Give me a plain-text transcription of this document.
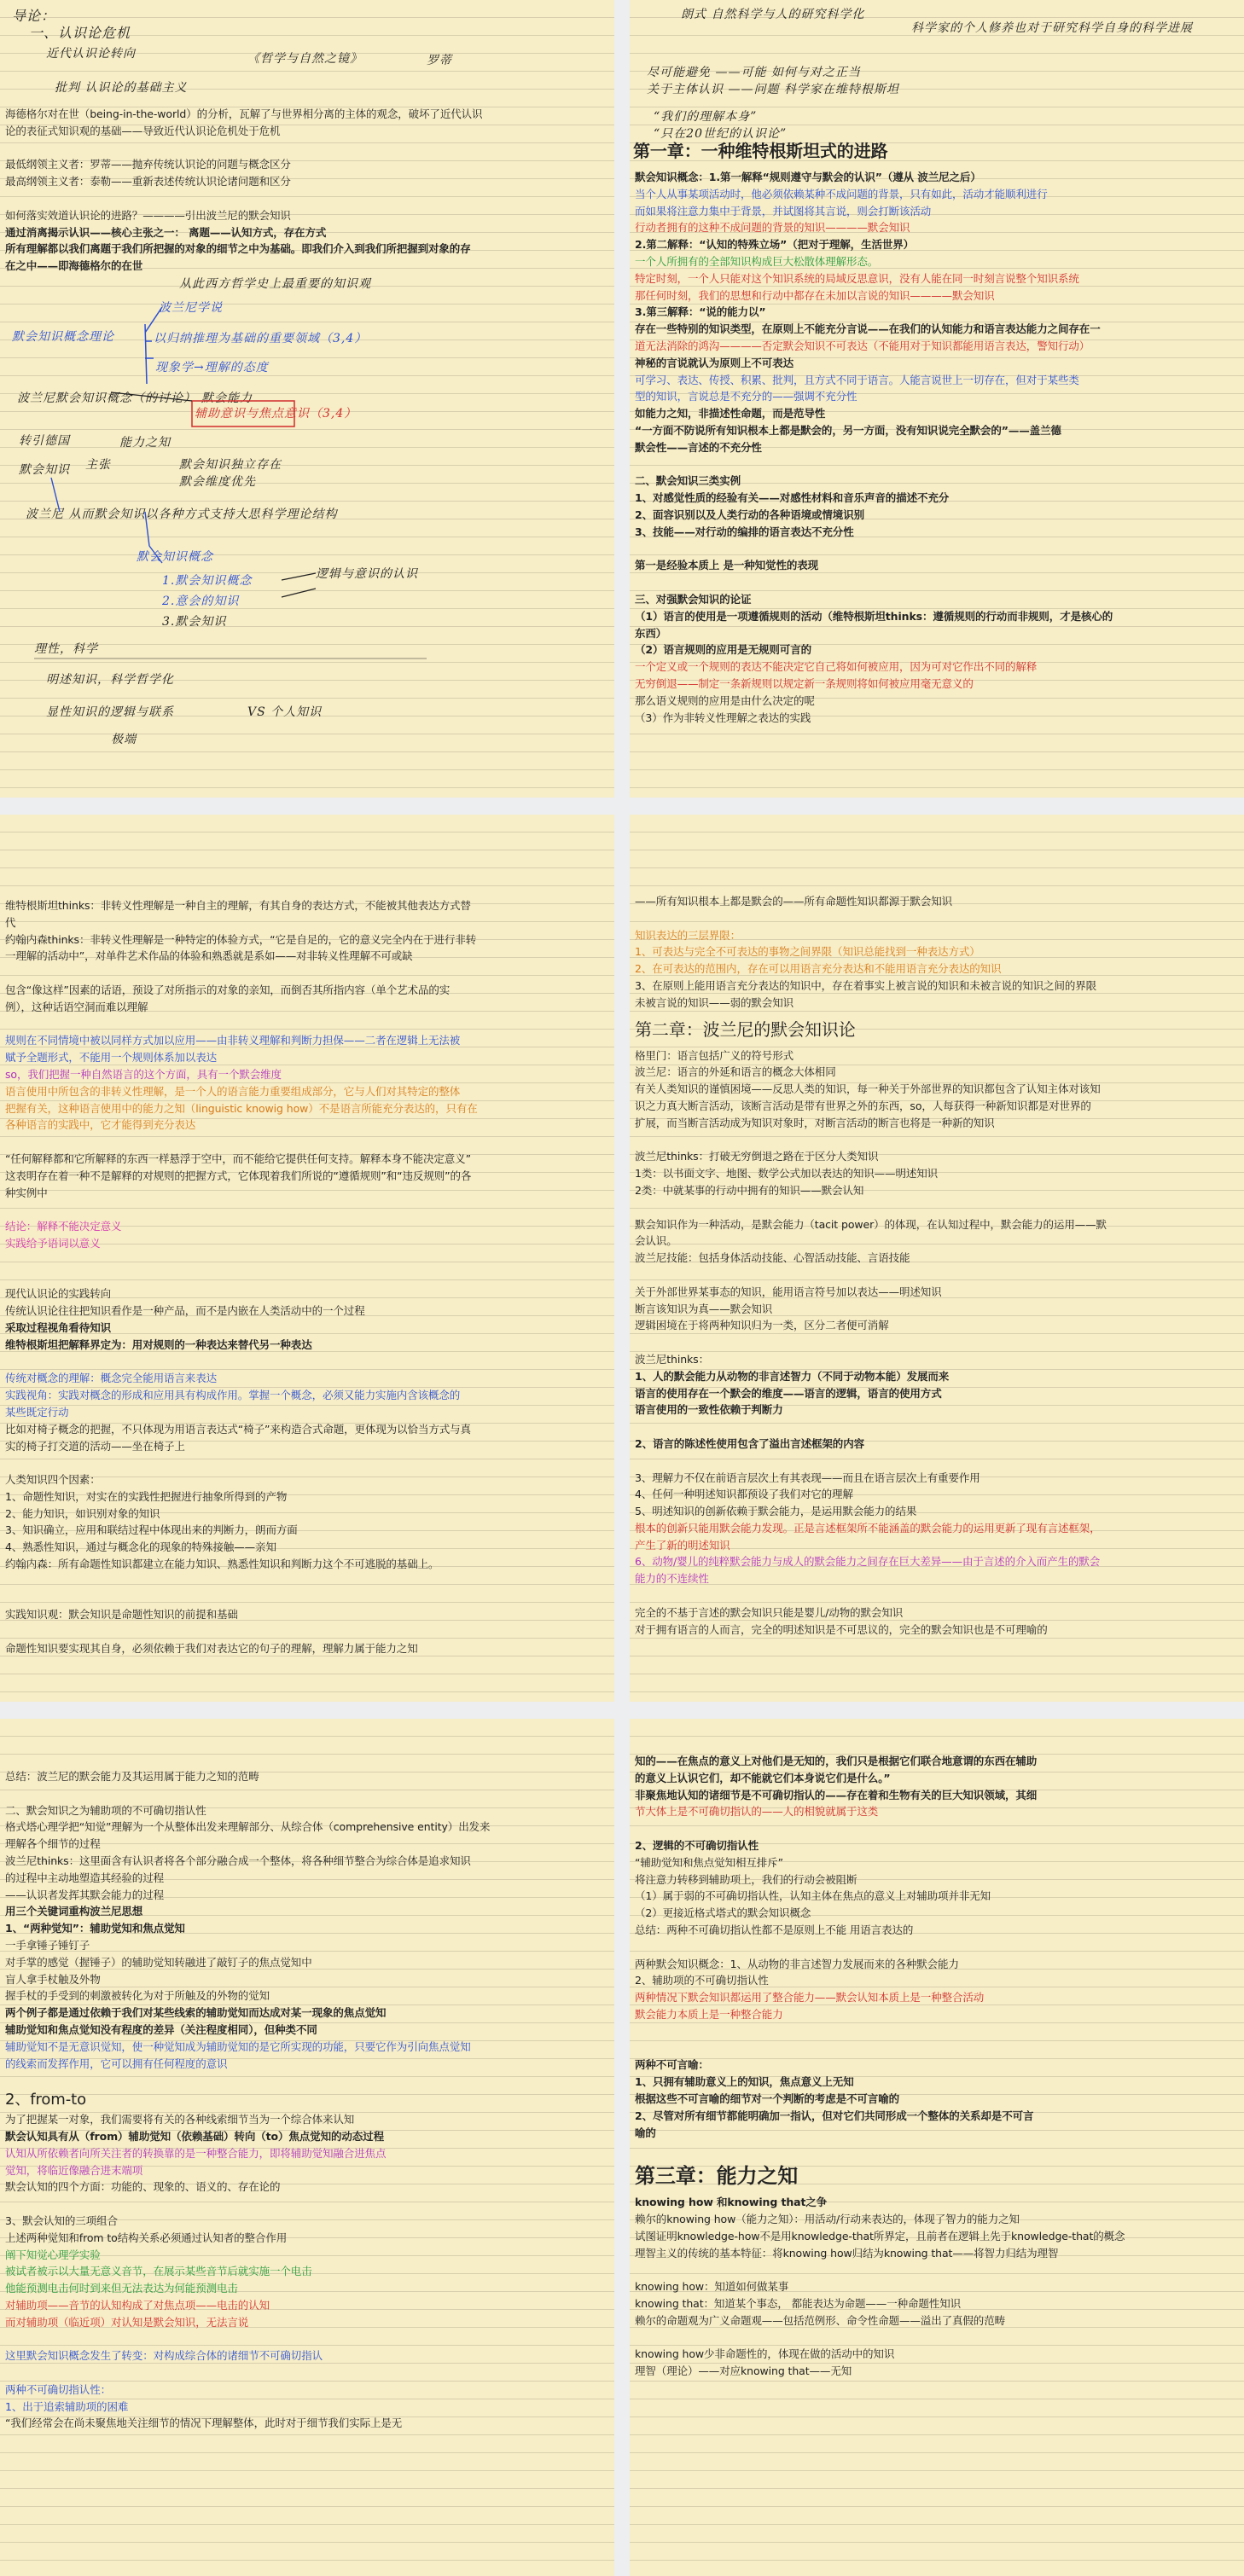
导论：
一、认识论危机
近代认识论转向	《哲学与自然之镜》	罗蒂
批判 认识论的基础主义
海德格尔对在世（being-in-the-world）的分析，瓦解了与世界相分离的主体的观念，破坏了近代认识
论的表征式知识观的基础——导致近代认识论危机处于危机
最低纲领主义者：罗蒂——抛弃传统认识论的问题与概念区分
最高纲领主义者：泰勒——重新表述传统认识论诸问题和区分
如何落实效道认识论的进路？————引出波兰尼的默会知识
通过消离揭示认识——核心主张之一： 离题——认知方式，存在方式
所有理解都以我们离题于我们所把握的对象的细节之中为基础。即我们介入到我们所把握到对象的存
在之中——即海德格尔的在世
从此西方哲学史上最重要的知识观
波兰尼学说
默会知识概念理论	以归纳推理为基础的重要领域（3,4）
现象学→理解的态度
波兰尼默会知识概念（的讨论） 默会能力
辅助意识与焦点意识（3,4）
转引德国	能力之知
默会知识 主张	默会知识独立存在
默会维度优先
波兰尼 从而默会知识以各种方式支持大思科学理论结构
默会知识概念
逻辑与意识的认识
1.默会知识概念
2.意会的知识
3.默会知识
理性，科学
明述知识，科学哲学化
显性知识的逻辑与联系	VS 个人知识
极端
朗式 自然科学与人的研究科学化
科学家的个人修养也对于研究科学自身的科学进展
尽可能避免 ——可能 如何与对之正当
关于主体认识 ——问题 科学家在维特根斯坦
“我们的理解本身”
“只在20世纪的认识论”
第一章：一种维特根斯坦式的进路
默会知识概念：1.第一解释“规则遵守与默会的认识”（遵从 波兰尼之后）
当个人从事某项活动时，他必须依赖某种不成问题的背景，只有如此，活动才能顺利进行
而如果将注意力集中于背景，并试图将其言说，则会打断该活动
行动者拥有的这种不成问题的背景的知识————默会知识
2.第二解释：“认知的特殊立场”（把对于理解，生活世界）
一个人所拥有的全部知识构成巨大松散体理解形态。
特定时刻，一个人只能对这个知识系统的局域反思意识，没有人能在同一时刻言说整个知识系统
那任何时刻，我们的思想和行动中都存在未加以言说的知识————默会知识
3.第三解释：“说的能力以”
存在一些特别的知识类型，在原则上不能充分言说——在我们的认知能力和语言表达能力之间存在一
道无法消除的鸿沟————否定默会知识不可表达（不能用对于知识都能用语言表达，警知行动）
神秘的言说就认为原则上不可表达
可学习、表达、传授、积累、批判，且方式不同于语言。人能言说世上一切存在，但对于某些类
型的知识，言说总是不充分的——强调不充分性
如能力之知，非描述性命题，而是范导性
“一方面不防说所有知识根本上都是默会的，另一方面，没有知识说完全默会的”——盖兰德
默会性——言述的不充分性
二、默会知识三类实例
1、对感觉性质的经验有关——对感性材料和音乐声音的描述不充分
2、面容识别以及人类行动的各种语境或情境识别
3、技能——对行动的编排的语言表达不充分性
第一是经验本质上 是一种知觉性的表现
三、对强默会知识的论证
（1）语言的使用是一项遵循规则的活动（维特根斯坦thinks：遵循规则的行动而非规则，才是核心的
东西）
（2）语言规则的应用是无规则可言的
一个定义或一个规则的表达不能决定它自己将如何被应用，因为可对它作出不同的解释
无穷倒退——制定一条新规则以规定新一条规则将如何被应用毫无意义的
那么语义规则的应用是由什么决定的呢
（3）作为非转义性理解之表达的实践
维特根斯坦thinks：非转义性理解是一种自主的理解，有其自身的表达方式，不能被其他表达方式替
代
约翰内森thinks：非转义性理解是一种特定的体验方式，“它是自足的，它的意义完全内在于进行非转
一理解的活动中”，对单件艺术作品的体验和熟悉就是系如——对非转义性理解不可或缺
包含“像这样”因素的话语，预设了对所指示的对象的亲知，而倒否其所指内容（单个艺术品的实
例），这种话语空洞而难以理解
规则在不同情境中被以同样方式加以应用——由非转义理解和判断力担保——二者在逻辑上无法被
赋予全题形式，不能用一个规则体系加以表达
so，我们把握一种自然语言的这个方面，具有一个默会维度
语言使用中所包含的非转义性理解，是一个人的语言能力重要组成部分，它与人们对其特定的整体
把握有关，这种语言使用中的能力之知（linguistic knowig how）不是语言所能充分表达的，只有在
各种语言的实践中，它才能得到充分表达
“任何解释都和它所解释的东西一样悬浮于空中，而不能给它提供任何支持。解释本身不能决定意义”
这表明存在着一种不是解释的对规则的把握方式，它体现着我们所说的“遵循规则”和“违反规则”的各
种实例中
结论：解释不能决定意义
实践给予语词以意义
现代认识论的实践转向
传统认识论往往把知识看作是一种产品，而不是内嵌在人类活动中的一个过程
采取过程视角看待知识
维特根斯坦把解释界定为：用对规则的一种表达来替代另一种表达
传统对概念的理解：概念完全能用语言来表达
实践视角：实践对概念的形成和应用具有构成作用。掌握一个概念，必须又能力实施内含该概念的
某些既定行动
比如对椅子概念的把握，不只体现为用语言表达式“椅子”来构造合式命题，更体现为以恰当方式与真
实的椅子打交道的活动——坐在椅子上
人类知识四个因素：
1、命题性知识，对实在的实践性把握进行抽象所得到的产物
2、能力知识，如识别对象的知识
3、知识确立，应用和联结过程中体现出来的判断力，朗而方面
4、熟悉性知识，通过与概念化的现象的特殊接触——亲知
约翰内森：所有命题性知识都建立在能力知识、熟悉性知识和判断力这个不可逃脱的基础上。
实践知识观：默会知识是命题性知识的前提和基础
命题性知识要实现其自身，必须依赖于我们对表达它的句子的理解，理解力属于能力之知
——所有知识根本上都是默会的——所有命题性知识都源于默会知识
知识表达的三层界限：
1、可表达与完全不可表达的事物之间界限（知识总能找到一种表达方式）
2、在可表达的范围内，存在可以用语言充分表达和不能用语言充分表达的知识
3、在原则上能用语言充分表达的知识中，存在着事实上被言说的知识和未被言说的知识之间的界限
未被言说的知识——弱的默会知识
第二章：波兰尼的默会知识论
格里门：语言包括广义的符号形式
波兰尼：语言的外延和语言的概念大体相同
有关人类知识的谨慎困境——反思人类的知识，每一种关于外部世界的知识都包含了认知主体对该知
识之力真大断言活动，该断言活动是带有世界之外的东西，so，人每获得一种新知识都是对世界的
扩展，而当断言活动成为知识对象时，对断言活动的断言也将是一种新的知识
波兰尼thinks：打破无穷倒退之路在于区分人类知识
1类：以书面文字、地图、数学公式加以表达的知识——明述知识
2类：中就某事的行动中拥有的知识——默会认知
默会知识作为一种活动，是默会能力（tacit power）的体现，在认知过程中，默会能力的运用——默
会认识。
波兰尼技能：包括身体活动技能、心智活动技能、言语技能
关于外部世界某事态的知识，能用语言符号加以表达——明述知识
断言该知识为真——默会知识
逻辑困境在于将两种知识归为一类，区分二者便可消解
波兰尼thinks：
1、人的默会能力从动物的非言述智力（不同于动物本能）发展而来
语言的使用存在一个默会的维度——语言的逻辑，语言的使用方式
语言使用的一致性依赖于判断力
2、语言的陈述性使用包含了溢出言述框架的内容
3、理解力不仅在前语言层次上有其表现——而且在语言层次上有重要作用
4、任何一种明述知识都预设了我们对它的理解
5、明述知识的创新依赖于默会能力，是运用默会能力的结果
根本的创新只能用默会能力发现。正是言述框架所不能涵盖的默会能力的运用更新了现有言述框架，
产生了新的明述知识
6、动物/婴儿的纯粹默会能力与成人的默会能力之间存在巨大差异——由于言述的介入而产生的默会
能力的不连续性
完全的不基于言述的默会知识只能是婴儿/动物的默会知识
对于拥有语言的人而言，完全的明述知识是不可思议的，完全的默会知识也是不可理喻的
总结：波兰尼的默会能力及其运用属于能力之知的范畴
二、默会知识之为辅助项的不可确切指认性
格式塔心理学把“知觉”理解为一个从整体出发来理解部分、从综合体（comprehensive entity）出发来
理解各个细节的过程
波兰尼thinks：这里面含有认识者将各个部分融合成一个整体，将各种细节整合为综合体是追求知识
的过程中主动地塑造其经验的过程
——认识者发挥其默会能力的过程
用三个关键词重构波兰尼思想
1、“两种觉知”：辅助觉知和焦点觉知
一手拿锤子锤钉子
对手掌的感觉（握锤子）的辅助觉知转融进了敲钉子的焦点觉知中
盲人拿手杖触及外物
握手杖的手受到的刺激被转化为对于所触及的外物的觉知
两个例子都是通过依赖于我们对某些线索的辅助觉知而达成对某一现象的焦点觉知
辅助觉知和焦点觉知没有程度的差异（关注程度相同），但种类不同
辅助觉知不是无意识觉知，使一种觉知成为辅助觉知的是它所实现的功能，只要它作为引向焦点觉知
的线索而发挥作用，它可以拥有任何程度的意识
2、from-to
为了把握某一对象，我们需要将有关的各种线索细节当为一个综合体来认知
默会认知具有从（from）辅助觉知（依赖基础）转向（to）焦点觉知的动态过程
认知从所依赖者向所关注者的转换靠的是一种整合能力，即将辅助觉知融合进焦点
觉知，将临近像融合进末端项
默会认知的四个方面：功能的、现象的、语义的、存在论的
3、默会认知的三项组合
上述两种觉知和from to结构关系必须通过认知者的整合作用
阐下知觉心理学实验
被试者被示以大量无意义音节，在展示某些音节后就实施一个电击
他能预测电击何时到来但无法表达为何能预测电击
对辅助项——音节的认知构成了对焦点项——电击的认知
而对辅助项（临近项）对认知是默会知识，无法言说
这里默会知识概念发生了转变：对构成综合体的诸细节不可确切指认
两种不可确切指认性：
1、出于追索辅助项的困难
“我们经常会在尚未聚焦地关注细节的情况下理解整体，此时对于细节我们实际上是无
知的——在焦点的意义上对他们是无知的，我们只是根据它们联合地意谓的东西在辅助
的意义上认识它们，却不能就它们本身说它们是什么。”
非聚焦地认知的诸细节是不可确切指认的——存在着和生物有关的巨大知识领域，其细
节大体上是不可确切指认的——人的相貌就属于这类
2、逻辑的不可确切指认性
“辅助觉知和焦点觉知相互排斥”
将注意力转移到辅助项上，我们的行动会被阻断
（1）属于弱的不可确切指认性，认知主体在焦点的意义上对辅助项并非无知
（2）更接近格式塔式的默会知识概念
总结：两种不可确切指认性都不是原则上不能 用语言表达的
两种默会知识概念：1、从动物的非言述智力发展而来的各种默会能力
2、辅助项的不可确切指认性
两种情况下默会知识都运用了整合能力——默会认知本质上是一种整合活动
默会能力本质上是一种整合能力
两种不可言喻：
1、只拥有辅助意义上的知识，焦点意义上无知
根据这些不可言喻的细节对一个判断的考虑是不可言喻的
2、尽管对所有细节都能明确加一指认，但对它们共同形成一个整体的关系却是不可言
喻的
第三章：能力之知
knowing how 和knowing that之争
赖尔的knowing how（能力之知）：用活动/行动来表达的，体现了智力的能力之知
试图证明knowledge-how不是用knowledge-that所界定，且前者在逻辑上先于knowledge-that的概念
理智主义的传统的基本特征：将knowing how归结为knowing that——将智力归结为理智
knowing how：知道如何做某事
knowing that：知道某个事态， 都能表达为命题——一种命题性知识
赖尔的命题观为广义命题观——包括范例形、命令性命题——溢出了真假的范畴
knowing how少非命题性的，体现在做的活动中的知识
理智（理论）——对应knowing that——无知
